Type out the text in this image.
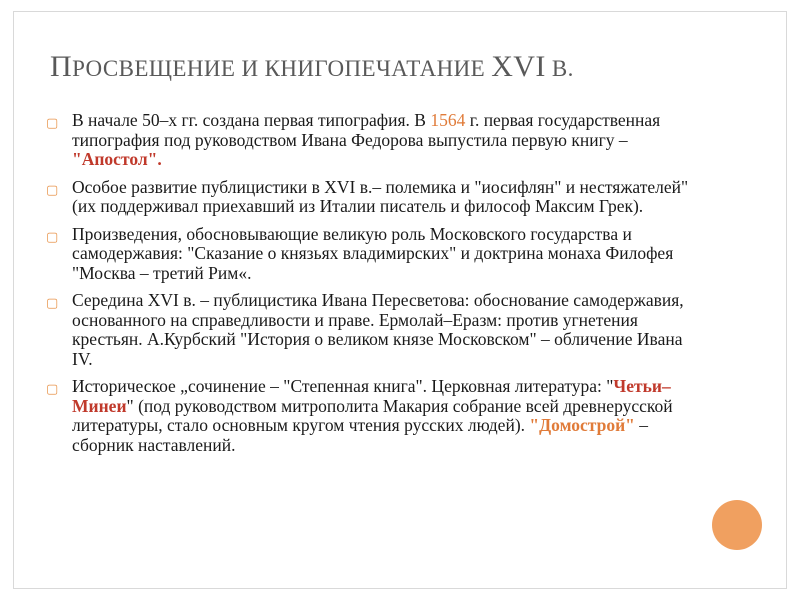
ПРОСВЕЩЕНИЕ И КНИГОПЕЧАТАНИЕ XVI В.
▢ В начале 50–х гг. создана первая типография. В 1564 г. первая государственная типография под руководством Ивана Федорова выпустила первую книгу – "Апостол".
▢ Особое развитие публицистики в XVI в.– полемика и "иосифлян" и нестяжателей" (их поддерживал приехавший из Италии писатель и философ Максим Грек).
▢ Произведения, обосновывающие великую роль Московского государства и самодержавия: "Сказание о князьях владимирских" и доктрина монаха Филофея "Москва – третий Рим«.
▢ Середина XVI в. – публицистика Ивана Пересветова: обоснование самодержавия, основанного на справедливости и праве. Ермолай–Еразм: против угнетения крестьян. А.Курбский "История о великом князе Московском" – обличение Ивана IV.
▢ Историческое „сочинение – "Степенная книга". Церковная литература: "Четьи–Минеи" (под руководством митрополита Макария собрание всей древнерусской литературы, стало основным кругом чтения русских людей). "Домострой" – сборник наставлений.
